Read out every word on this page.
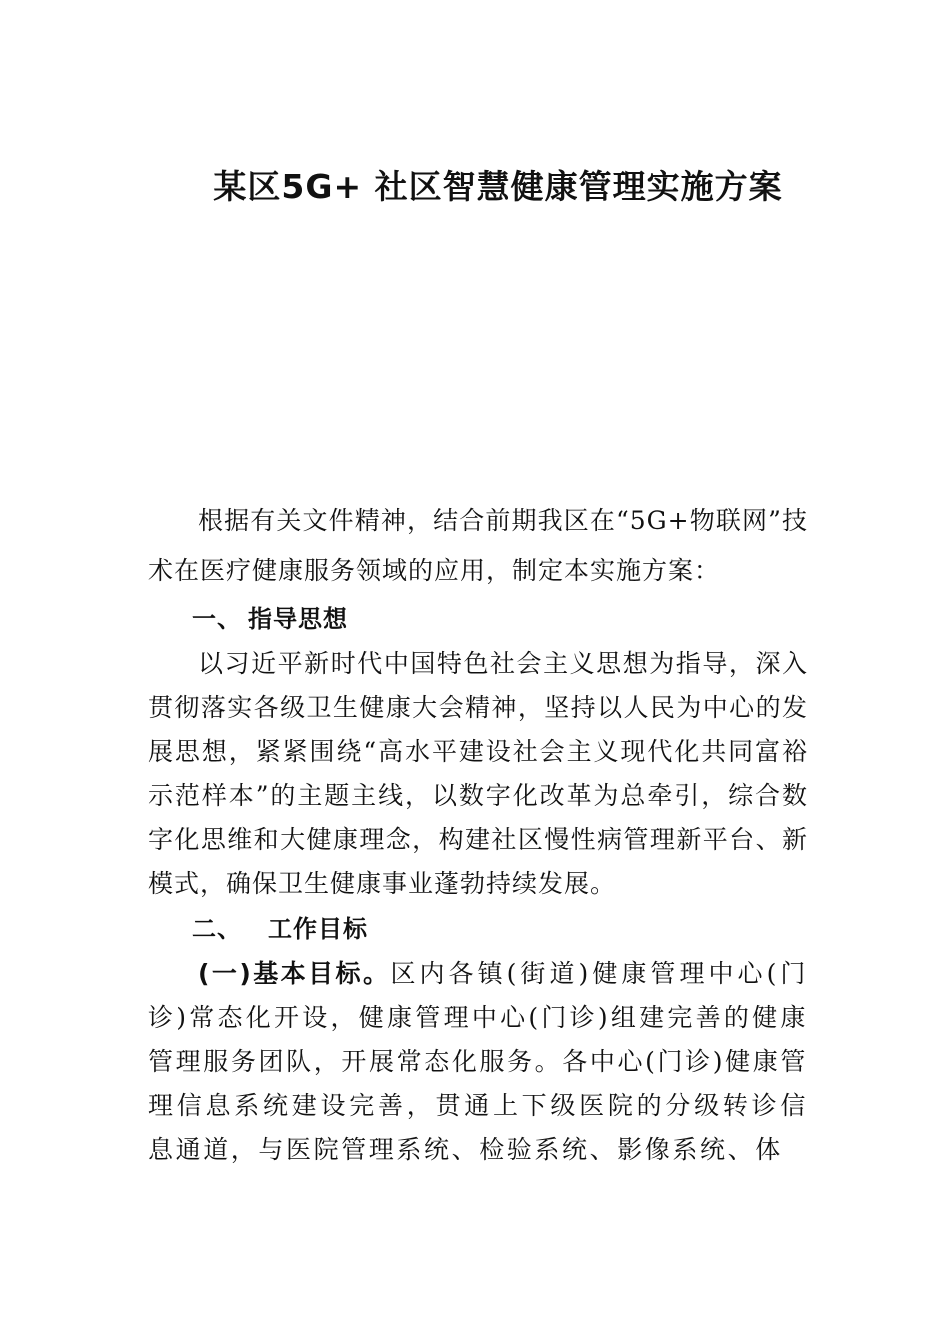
某区5G+ 社区智慧健康管理实施方案

根据有关文件精神，结合前期我区在“5G+物联网”技术在医疗健康服务领域的应用，制定本实施方案：

一、 指导思想

以习近平新时代中国特色社会主义思想为指导，深入贯彻落实各级卫生健康大会精神，坚持以人民为中心的发展思想，紧紧围绕“高水平建设社会主义现代化共同富裕示范样本”的主题主线，以数字化改革为总牵引，综合数字化思维和大健康理念，构建社区慢性病管理新平台、新模式，确保卫生健康事业蓬勃持续发展。

二、 工作目标

(一)基本目标。区内各镇(街道)健康管理中心(门诊)常态化开设，健康管理中心(门诊)组建完善的健康管理服务团队，开展常态化服务。各中心(门诊)健康管理信息系统建设完善，贯通上下级医院的分级转诊信息通道，与医院管理系统、检验系统、影像系统、体
